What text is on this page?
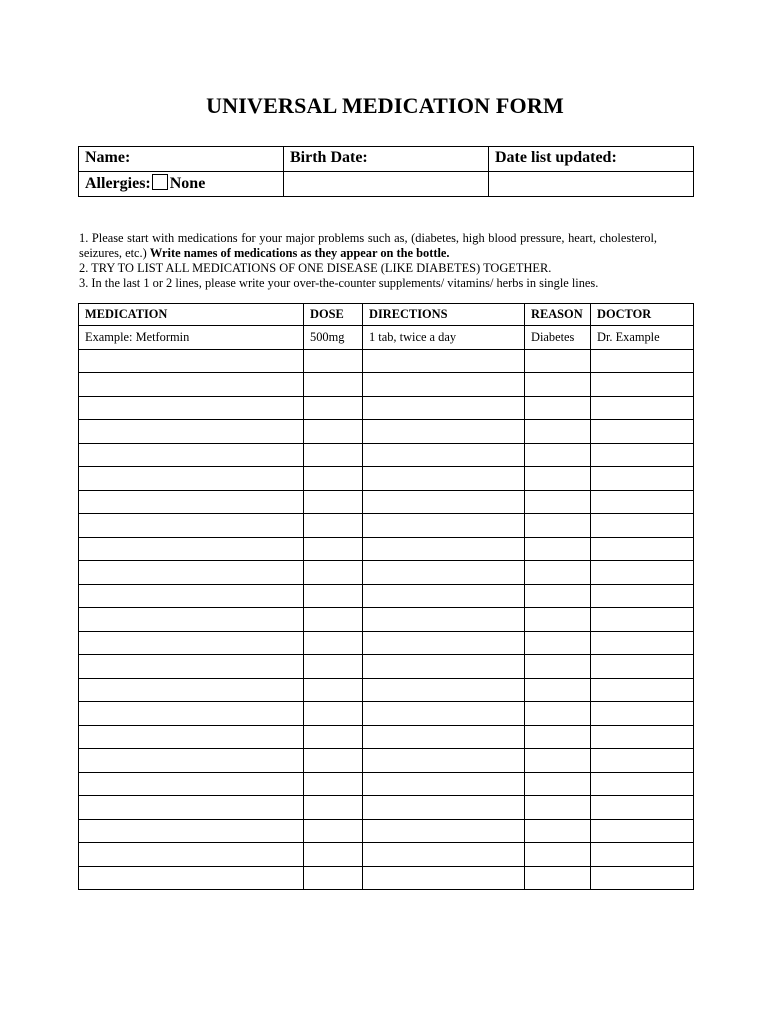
UNIVERSAL MEDICATION FORM
Name:	Birth Date:	Date list updated:
Allergies: None		

1. Please start with medications for your major problems such as, (diabetes, high blood pressure, heart, cholesterol, seizures, etc.) Write names of medications as they appear on the bottle.

2. TRY TO LIST ALL MEDICATIONS OF ONE DISEASE (LIKE DIABETES) TOGETHER.

3. In the last 1 or 2 lines, please write your over-the-counter supplements/ vitamins/ herbs in single lines.

MEDICATION	DOSE	DIRECTIONS	REASON	DOCTOR
Example: Metformin	500mg	1 tab, twice a day	Diabetes	Dr. Example
